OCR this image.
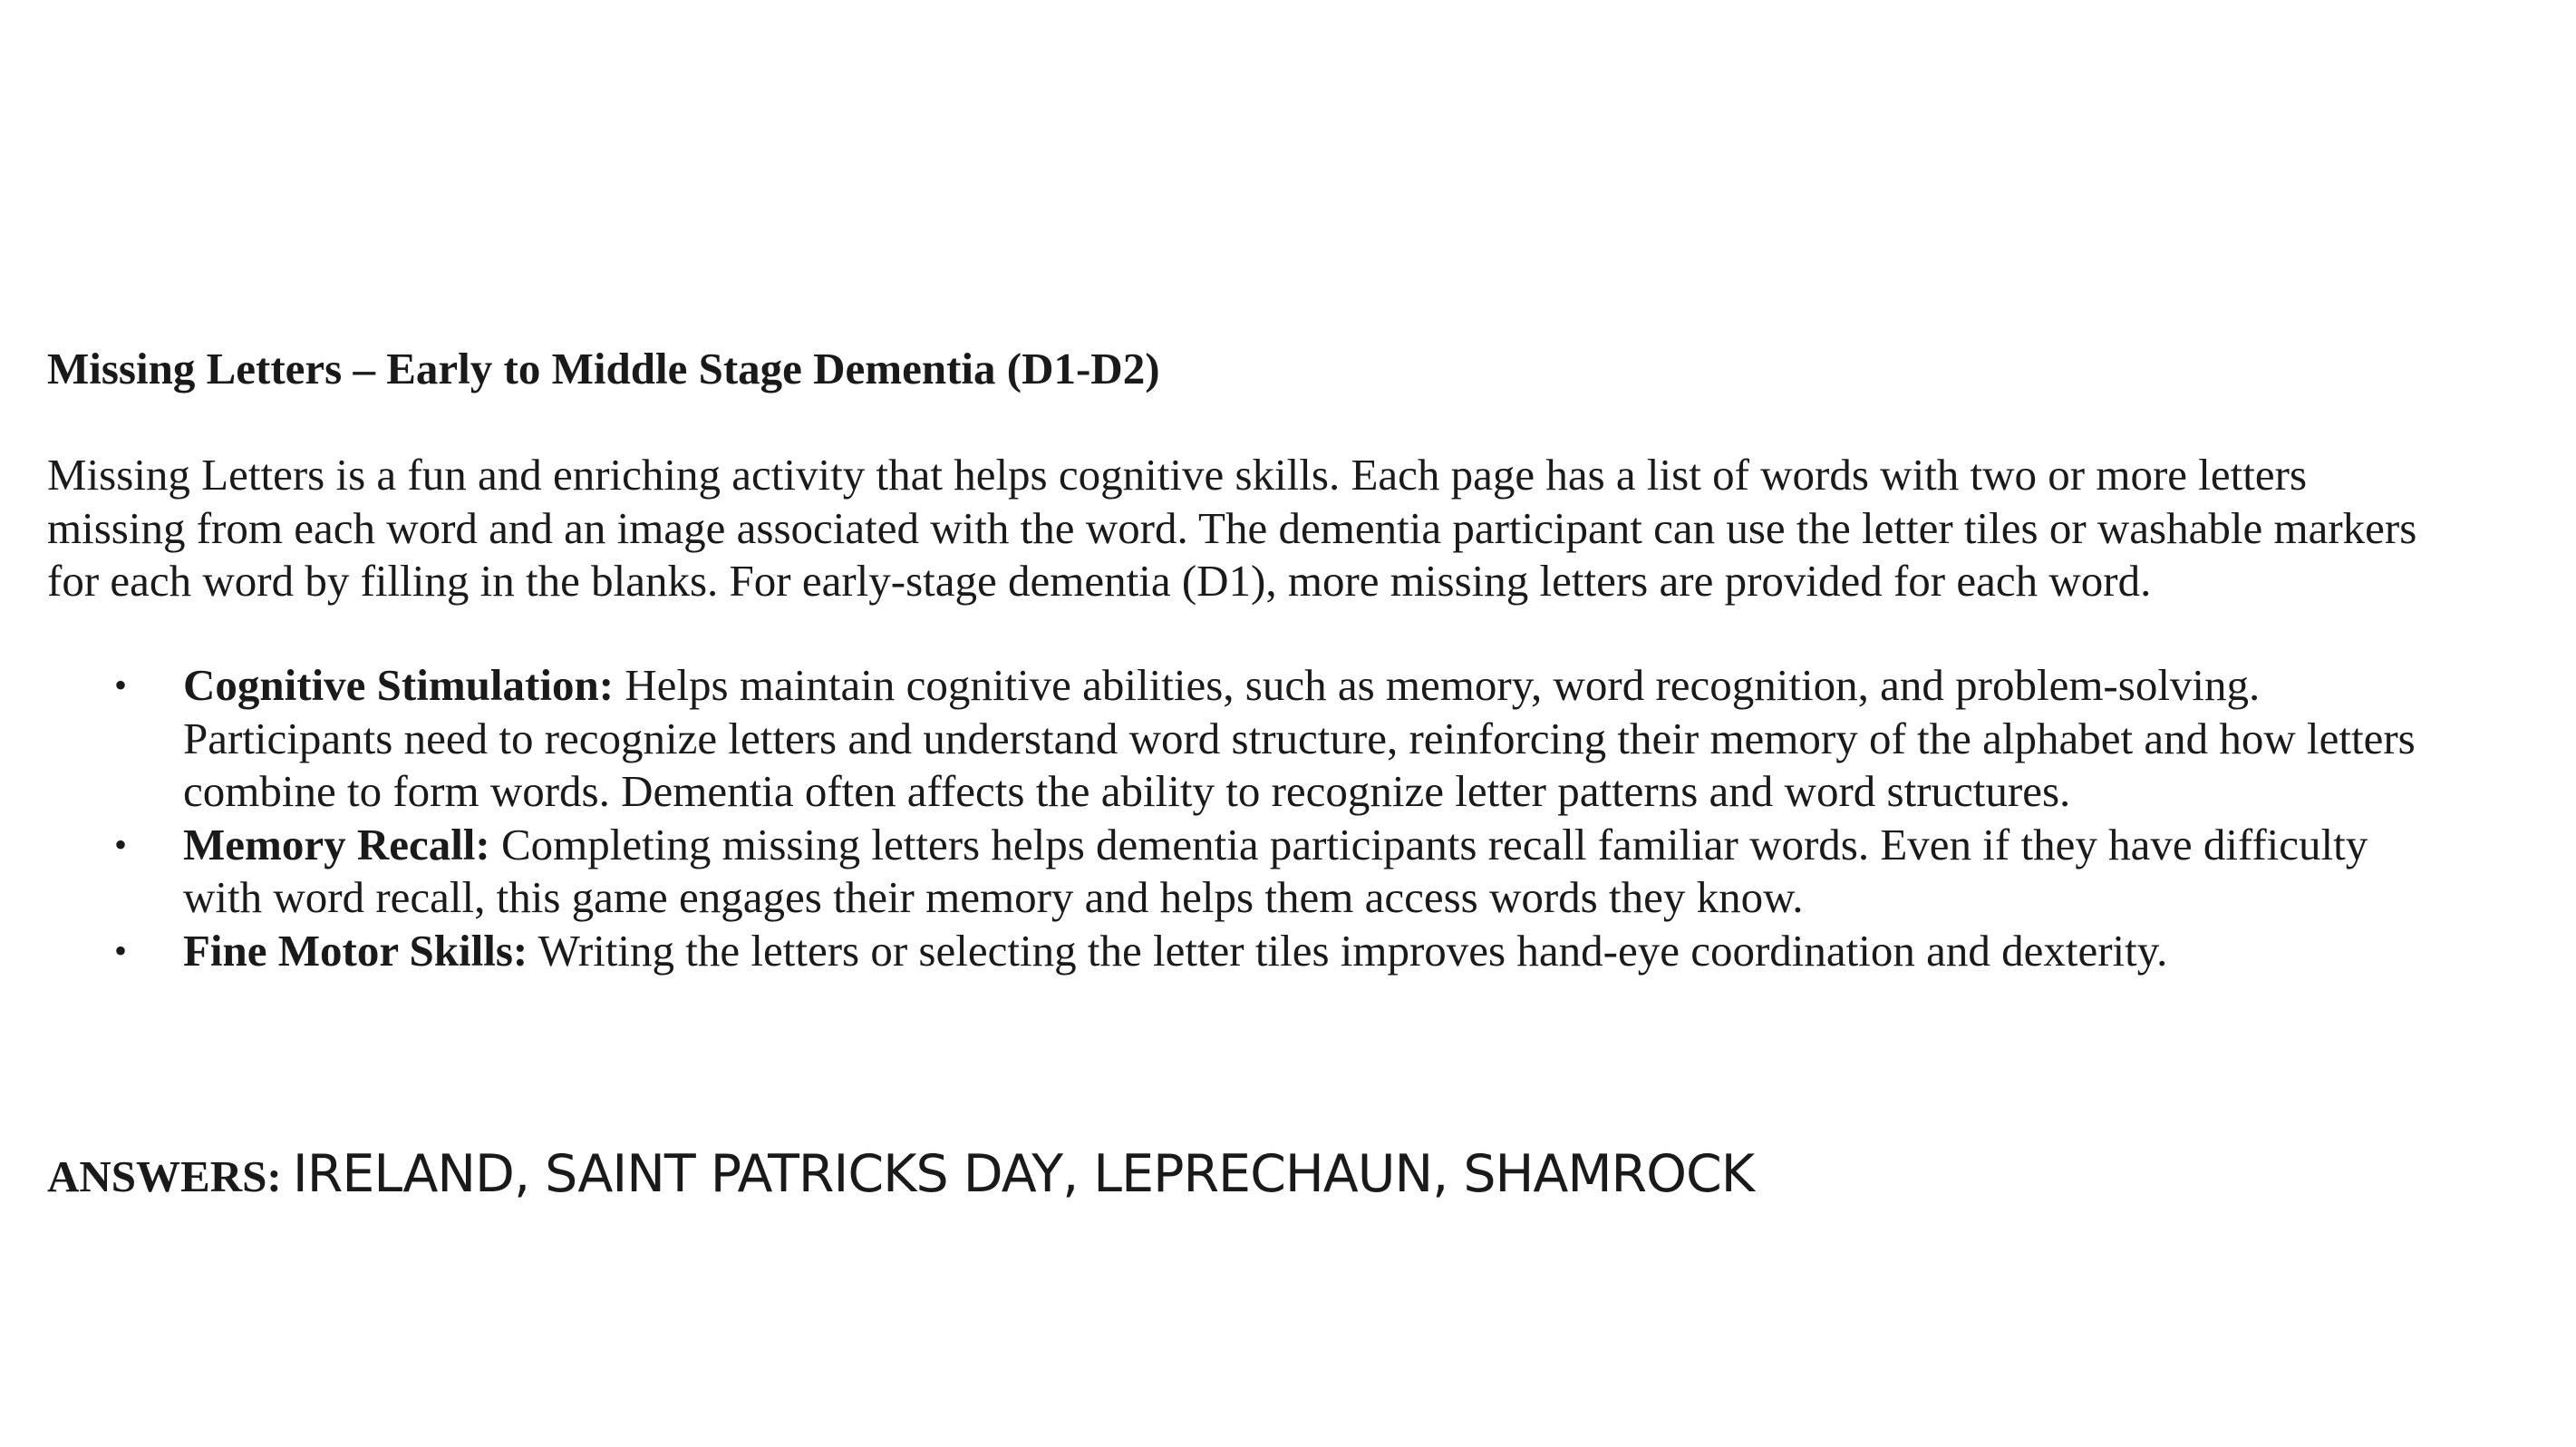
Missing Letters – Early to Middle Stage Dementia (D1-D2)

Missing Letters is a fun and enriching activity that helps cognitive skills. Each page has a list of words with two or more letters
missing from each word and an image associated with the word. The dementia participant can use the letter tiles or washable markers
for each word by filling in the blanks. For early-stage dementia (D1), more missing letters are provided for each word.

• Cognitive Stimulation: Helps maintain cognitive abilities, such as memory, word recognition, and problem-solving.
Participants need to recognize letters and understand word structure, reinforcing their memory of the alphabet and how letters
combine to form words. Dementia often affects the ability to recognize letter patterns and word structures.
• Memory Recall: Completing missing letters helps dementia participants recall familiar words. Even if they have difficulty
with word recall, this game engages their memory and helps them access words they know.
• Fine Motor Skills: Writing the letters or selecting the letter tiles improves hand-eye coordination and dexterity.
ANSWERS: IRELAND, SAINT PATRICKS DAY, LEPRECHAUN, SHAMROCK
